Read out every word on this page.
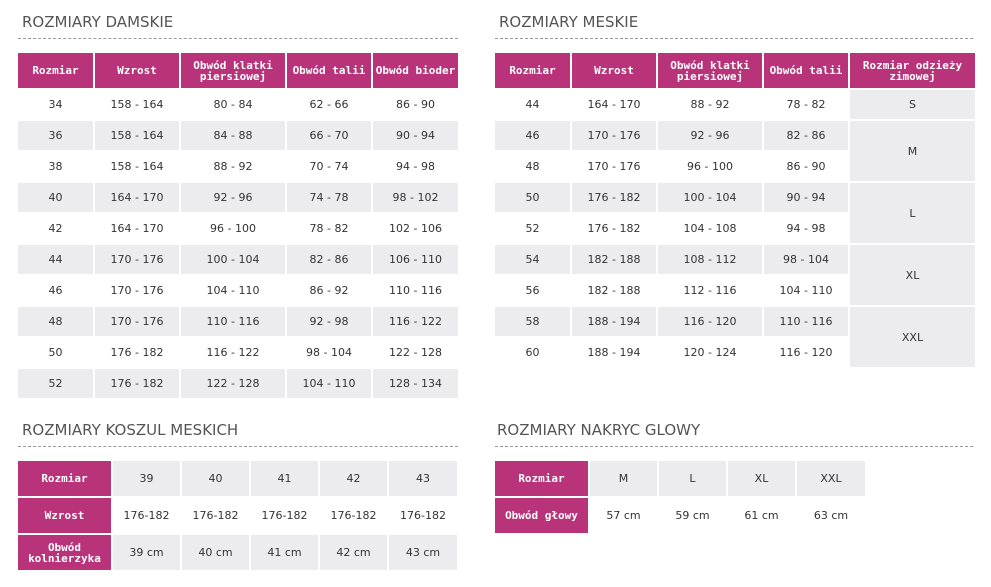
ROZMIARY DAMSKIE
Rozmiar	Wzrost	Obwód klatki piersiowej	Obwód talii	Obwód bioder
34	158 - 164	80 - 84	62 - 66	86 - 90
36	158 - 164	84 - 88	66 - 70	90 - 94
38	158 - 164	88 - 92	70 - 74	94 - 98
40	164 - 170	92 - 96	74 - 78	98 - 102
42	164 - 170	96 - 100	78 - 82	102 - 106
44	170 - 176	100 - 104	82 - 86	106 - 110
46	170 - 176	104 - 110	86 - 92	110 - 116
48	170 - 176	110 - 116	92 - 98	116 - 122
50	176 - 182	116 - 122	98 - 104	122 - 128
52	176 - 182	122 - 128	104 - 110	128 - 134
ROZMIARY MESKIE
Rozmiar	Wzrost	Obwód klatki piersiowej	Obwód talii	Rozmiar odzieży zimowej
44	164 - 170	88 - 92	78 - 82	S
46	170 - 176	92 - 96	82 - 86	M
48	170 - 176	96 - 100	86 - 90	
50	176 - 182	100 - 104	90 - 94	L
52	176 - 182	104 - 108	94 - 98	
54	182 - 188	108 - 112	98 - 104	XL
56	182 - 188	112 - 116	104 - 110	
58	188 - 194	116 - 120	110 - 116	XXL
60	188 - 194	120 - 124	116 - 120	
ROZMIARY KOSZUL MESKICH
Rozmiar	39	40	41	42	43
Wzrost	176-182	176-182	176-182	176-182	176-182
Obwód kolnierzyka	39 cm	40 cm	41 cm	42 cm	43 cm
ROZMIARY NAKRYC GLOWY
Rozmiar	M	L	XL	XXL
Obwód głowy	57 cm	59 cm	61 cm	63 cm
